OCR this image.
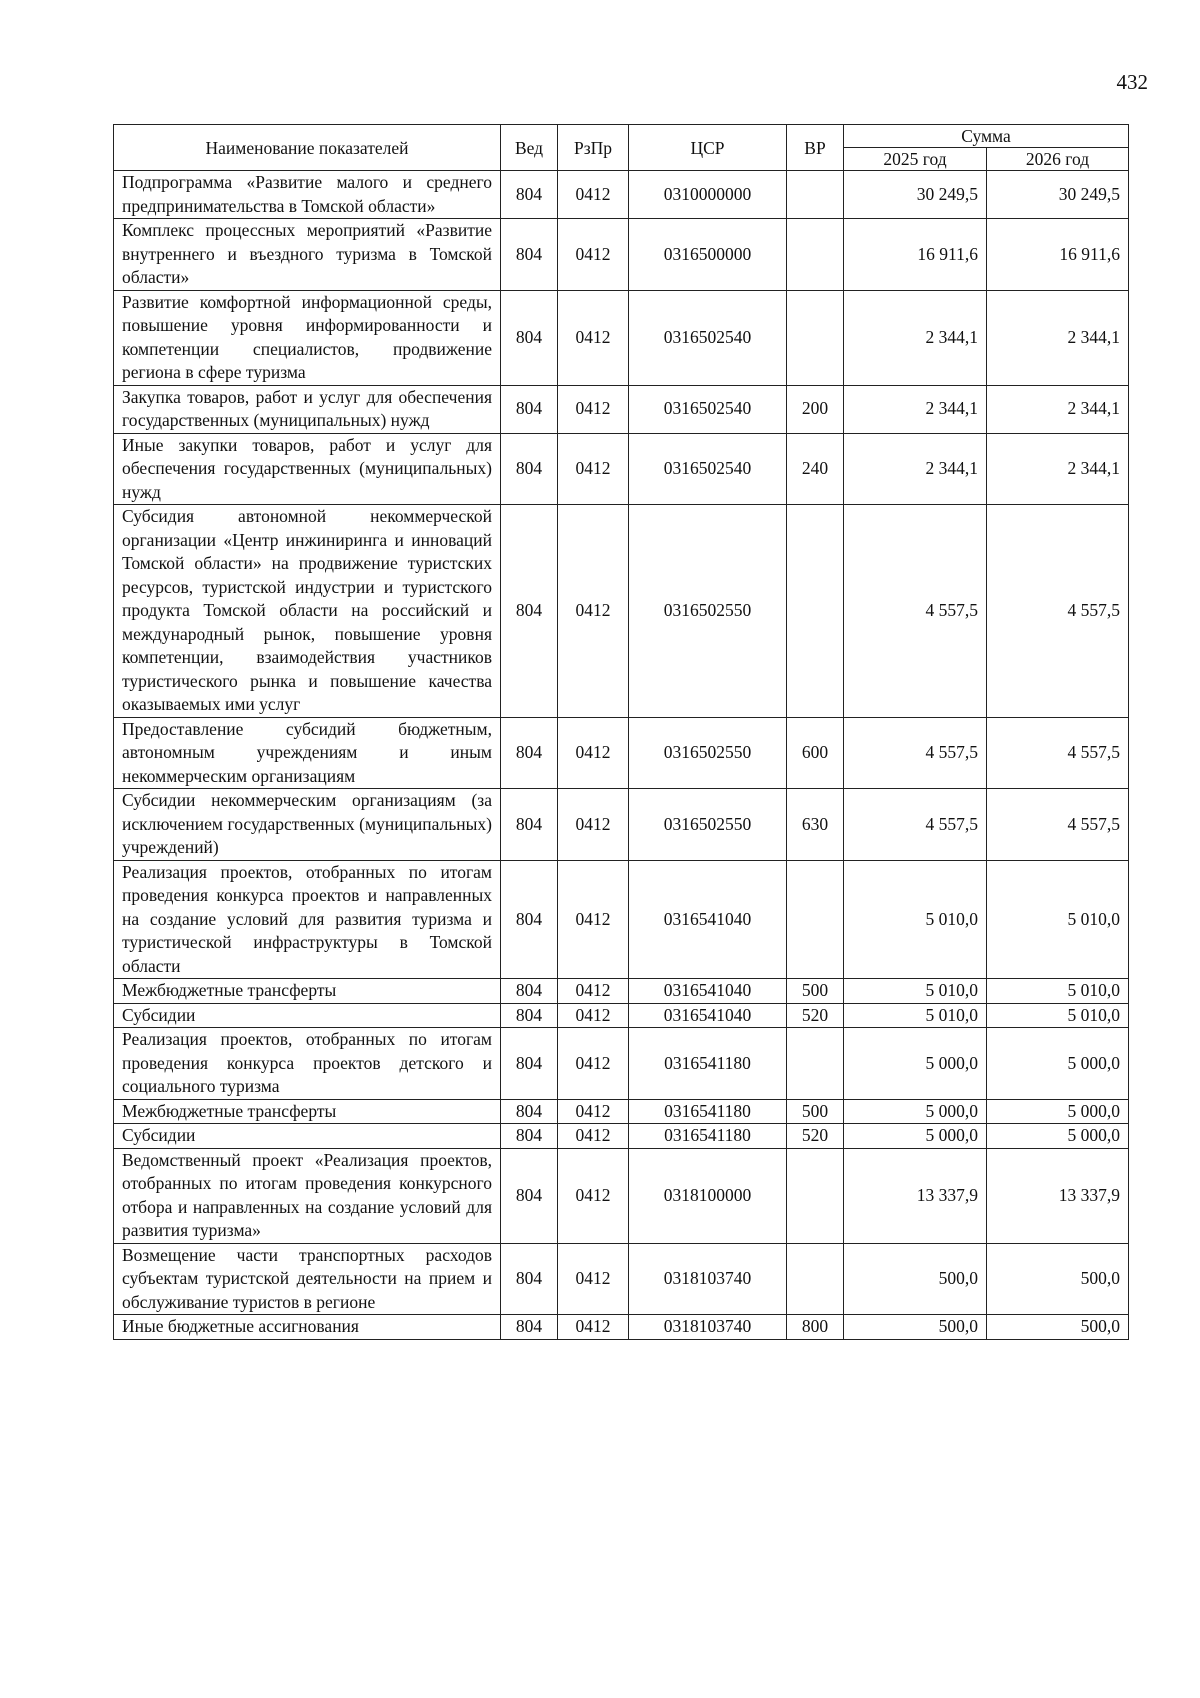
432
Наименование показателей	Вед	РзПр	ЦСР	ВР	Сумма	
					2025 год	2026 год
Подпрограмма «Развитие малого и среднего предпринимательства в Томской области»	804	0412	0310000000		30 249,5	30 249,5
Комплекс процессных мероприятий «Развитие внутреннего и въездного туризма в Томской области»	804	0412	0316500000		16 911,6	16 911,6
Развитие комфортной информационной среды, повышение уровня информированности и компетенции специалистов, продвижение региона в сфере туризма	804	0412	0316502540		2 344,1	2 344,1
Закупка товаров, работ и услуг для обеспечения государственных (муниципальных) нужд	804	0412	0316502540	200	2 344,1	2 344,1
Иные закупки товаров, работ и услуг для обеспечения государственных (муниципальных) нужд	804	0412	0316502540	240	2 344,1	2 344,1
Субсидия автономной некоммерческой организации «Центр инжиниринга и инноваций Томской области» на продвижение туристских ресурсов, туристской индустрии и туристского продукта Томской области на российский и международный рынок, повышение уровня компетенции, взаимодействия участников туристического рынка и повышение качества оказываемых ими услуг	804	0412	0316502550		4 557,5	4 557,5
Предоставление субсидий бюджетным, автономным учреждениям и иным некоммерческим организациям	804	0412	0316502550	600	4 557,5	4 557,5
Субсидии некоммерческим организациям (за исключением государственных (муниципальных) учреждений)	804	0412	0316502550	630	4 557,5	4 557,5
Реализация проектов, отобранных по итогам проведения конкурса проектов и направленных на создание условий для развития туризма и туристической инфраструктуры в Томской области	804	0412	0316541040		5 010,0	5 010,0
Межбюджетные трансферты	804	0412	0316541040	500	5 010,0	5 010,0
Субсидии	804	0412	0316541040	520	5 010,0	5 010,0
Реализация проектов, отобранных по итогам проведения конкурса проектов детского и социального туризма	804	0412	0316541180		5 000,0	5 000,0
Межбюджетные трансферты	804	0412	0316541180	500	5 000,0	5 000,0
Субсидии	804	0412	0316541180	520	5 000,0	5 000,0
Ведомственный проект «Реализация проектов, отобранных по итогам проведения конкурсного отбора и направленных на создание условий для развития туризма»	804	0412	0318100000		13 337,9	13 337,9
Возмещение части транспортных расходов субъектам туристской деятельности на прием и обслуживание туристов в регионе	804	0412	0318103740		500,0	500,0
Иные бюджетные ассигнования	804	0412	0318103740	800	500,0	500,0
